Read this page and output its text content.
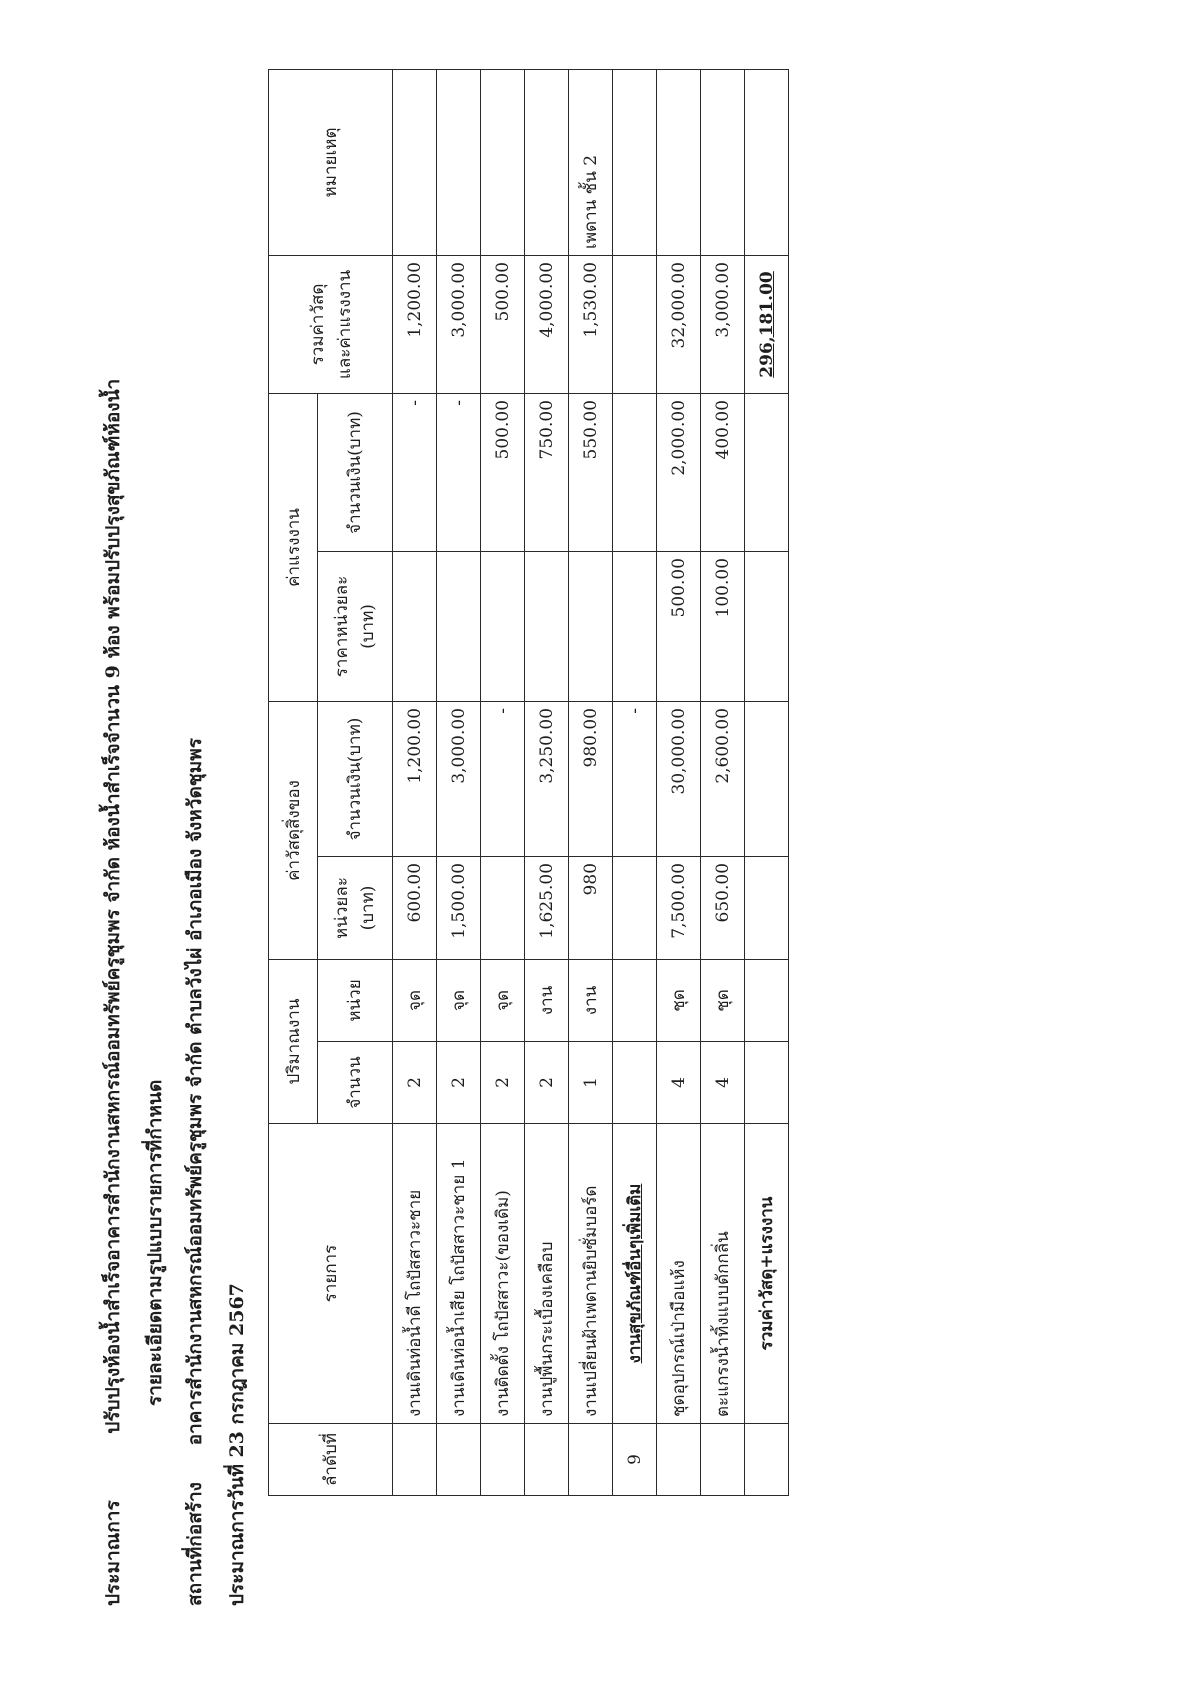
ประมาณการ ปรับปรุงห้องน้ำสำเร็จอาคารสำนักงานสหกรณ์ออมทรัพย์ครูชุมพร จำกัด ห้องน้ำสำเร็จจำนวน 9 ห้อง พร้อมปรับปรุงสุขภัณฑ์ห้องน้ำ รายละเอียดตามรูปแบบรายการที่กำหนด
สถานที่ก่อสร้าง อาคารสำนักงานสหกรณ์ออมทรัพย์ครูชุมพร จำกัด ตำบลวังไผ่ อำเภอเมือง จังหวัดชุมพร ประมาณการวันที่ 23 กรกฎาคม 2567	ลำดับที่	รายการ	ปริมาณงาน		ค่าวัสดุสิ่งของ		ค่าแรงงาน		รวมค่าวัสดุ และค่าแรงงาน	หมายเหตุ
		จำนวน	หน่วย	หน่วยละ (บาท)	จำนวนเงิน(บาท)	ราคาหน่วยละ (บาท)	จำนวนเงิน(บาท)		
	งานเดินท่อน้ำดี โถปัสสาวะชาย	2	จุด	600.00	1,200.00		-	1,200.00	
	งานเดินท่อน้ำเสีย โถปัสสาวะชาย 1	2	จุด	1,500.00	3,000.00		-	3,000.00	
	งานติดตั้ง โถปัสสาวะ(ของเดิม)	2	จุด		-		500.00	500.00	
	งานปูพื้นกระเบื้องเคลือบ	2	งาน	1,625.00	3,250.00		750.00	4,000.00	
	งานเปลี่ยนฝ้าเพดานยิบซั่มบอร์ด	1	งาน	980	980.00		550.00	1,530.00	เพดาน ชั้น 2
9	งานสุขภัณฑ์อื่นๆเพิ่มเติม				-				
	ชุดอุปกรณ์เป่ามือแห้ง	4	ชุด	7,500.00	30,000.00	500.00	2,000.00	32,000.00	
	ตะแกรงน้ำทิ้งแบบดักกลิ่น	4	ชุด	650.00	2,600.00	100.00	400.00	3,000.00	
	รวมค่าวัสดุ+แรงงาน							296,181.00	
